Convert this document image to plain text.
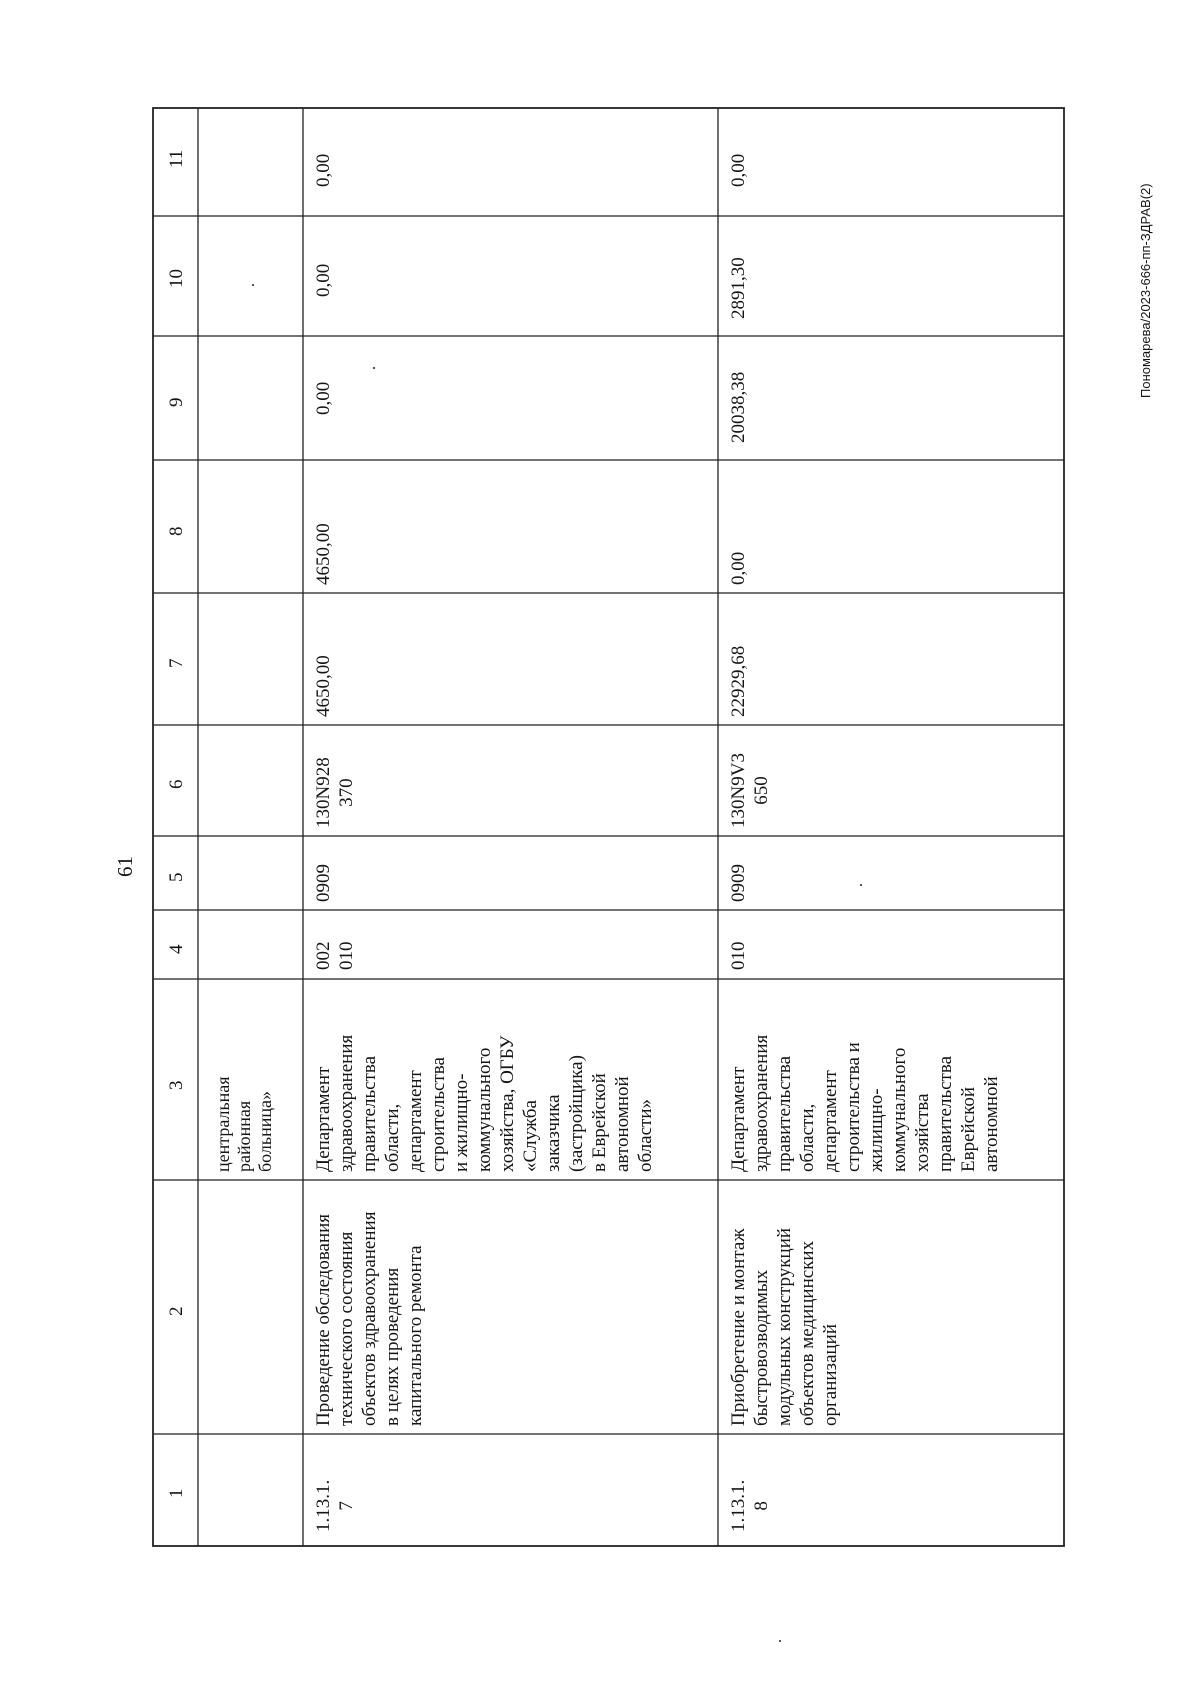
61
1
2
3
4
5
6
7
8
9
10
11
центральная
районная
больница»
1.13.1.
7
Проведение обследования
технического состояния
объектов здравоохранения
в целях проведения
капитального ремонта
Департамент
здравоохранения
правительства
области,
департамент
строительства
и жилищно-
коммунального
хозяйства, ОГБУ
«Служба
заказчика
(застройщика)
в Еврейской
автономной
области»
002
010
0909
130N928
370
4650,00
4650,00
0,00
0,00
0,00
1.13.1.
8
Приобретение и монтаж
быстровозводимых
модульных конструкций
объектов медицинских
организаций
Департамент
здравоохранения
правительства
области,
департамент
строительства и
жилищно-
коммунального
хозяйства
правительства
Еврейской
автономной
010
0909
130N9V3
650
22929,68
0,00
20038,38
2891,30
0,00
Пономарева/2023-666-пп-ЗДРАВ(2)
